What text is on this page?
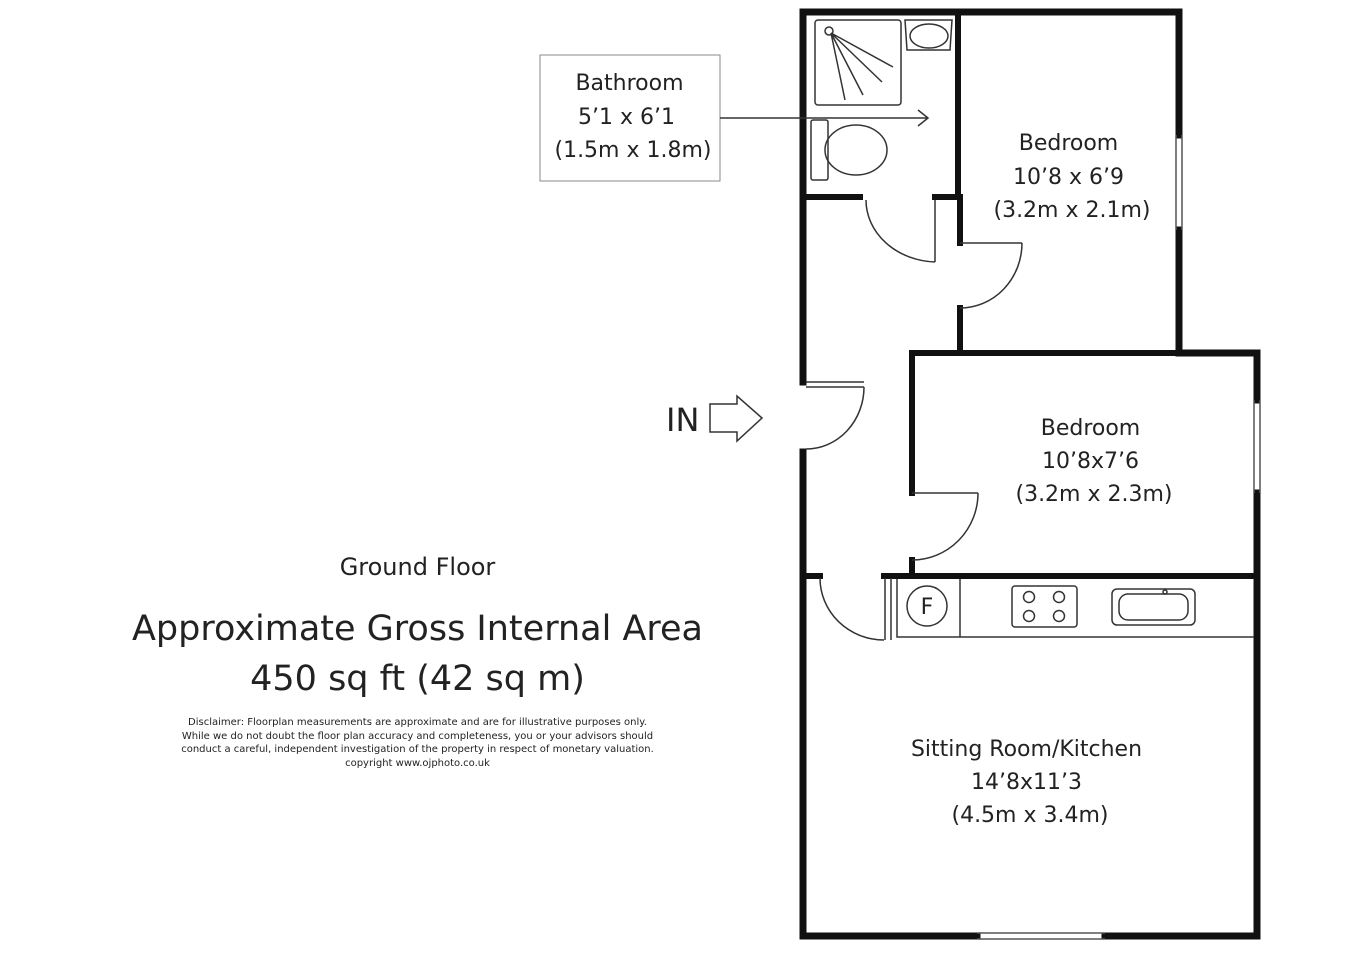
Bathroom 5’1 x 6’1 (1.5m x 1.8m)	Bedroom 10’8 x 6’9 (3.2m x 2.1m)
Bedroom 10’8x7’6 (3.2m x 2.3m)
IN
F
Sitting Room/Kitchen 14’8x11’3 (4.5m x 3.4m)
Ground Floor
Approximate Gross Internal Area
450 sq ft (42 sq m)
Disclaimer: Floorplan measurements are approximate and are for illustrative purposes only.
While we do not doubt the floor plan accuracy and completeness, you or your advisors should
conduct a careful, independent investigation of the property in respect of monetary valuation.
copyright www.ojphoto.co.uk
